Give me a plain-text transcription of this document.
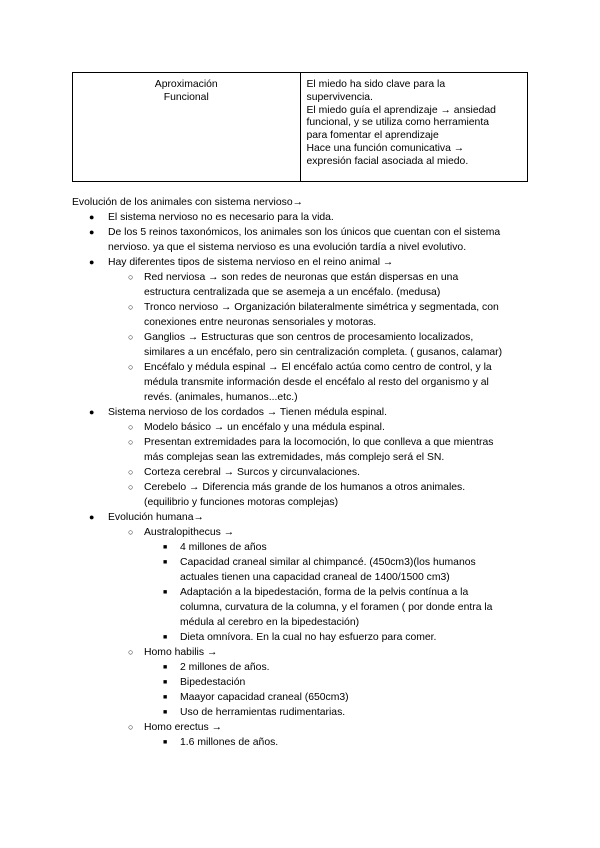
Aproximación
Funcional

El miedo ha sido clave para la
supervivencia.
El miedo guía el aprendizaje → ansiedad
funcional, y se utiliza como herramienta
para fomentar el aprendizaje
Hace una función comunicativa →
expresión facial asociada al miedo.
Evolución de los animales con sistema nervioso→
● El sistema nervioso no es necesario para la vida.
● De los 5 reinos taxonómicos, los animales son los únicos que cuentan con el sistema
nervioso. ya que el sistema nervioso es una evolución tardía a nivel evolutivo.
● Hay diferentes tipos de sistema nervioso en el reino animal →
○ Red nerviosa → son redes de neuronas que están dispersas en una
estructura centralizada que se asemeja a un encéfalo. (medusa)
○ Tronco nervioso → Organización bilateralmente simétrica y segmentada, con
conexiones entre neuronas sensoriales y motoras.
○ Ganglios → Estructuras que son centros de procesamiento localizados,
similares a un encéfalo, pero sin centralización completa. ( gusanos, calamar)
○ Encéfalo y médula espinal → El encéfalo actúa como centro de control, y la
médula transmite información desde el encéfalo al resto del organismo y al
revés. (animales, humanos...etc.)
● Sistema nervioso de los cordados → Tienen médula espinal.
○ Modelo básico → un encéfalo y una médula espinal.
○ Presentan extremidades para la locomoción, lo que conlleva a que mientras
más complejas sean las extremidades, más complejo será el SN.
○ Corteza cerebral → Surcos y circunvalaciones.
○ Cerebelo → Diferencia más grande de los humanos a otros animales.
(equilibrio y funciones motoras complejas)
● Evolución humana→
○ Australopithecus →
■ 4 millones de años
■ Capacidad craneal similar al chimpancé. (450cm3)(los humanos
actuales tienen una capacidad craneal de 1400/1500 cm3)
■ Adaptación a la bipedestación, forma de la pelvis contínua a la
columna, curvatura de la columna, y el foramen ( por donde entra la
médula al cerebro en la bipedestación)
■ Dieta omnívora. En la cual no hay esfuerzo para comer.
○ Homo habilis →
■ 2 millones de años.
■ Bipedestación
■ Maayor capacidad craneal (650cm3)
■ Uso de herramientas rudimentarias.
○ Homo erectus →
■ 1.6 millones de años.
